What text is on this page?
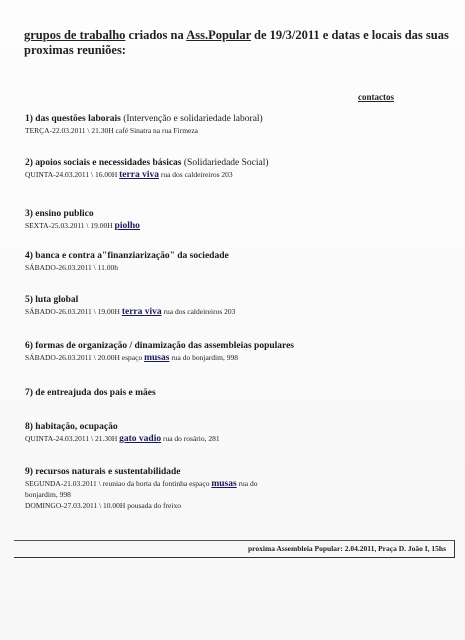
grupos de trabalho criados na Ass.Popular de 19/3/2011 e datas e locais das suas
proximas reuniões:
contactos
1) das questões laborais (Intervenção e solidariedade laboral)
TERÇA-22.03.2011 \ 21.30H café Sinatra na rua Firmeza
2) apoios sociais e necessidades básicas (Solidariedade Social)
QUINTA-24.03.2011 \ 16.00H terra viva rua dos caldeireiros 203
3) ensino publico
SEXTA-25.03.2011 \ 19.00H piolho
4) banca e contra a"finanziarização" da sociedade
SÁBADO-26.03.2011 \ 11.00h
5) luta global
SÁBADO-26.03.2011 \ 19.00H terra viva rua dos caldeireiros 203
6) formas de organização / dinamização das assembleias populares
SÁBADO-26.03.2011 \ 20.00H espaço musas rua do bonjardim, 998
7) de entreajuda dos pais e mães
8) habitação, ocupação
QUINTA-24.03.2011 \ 21.30H gato vadio rua do rosário, 281
9) recursos naturais e sustentabilidade
SEGUNDA-21.03.2011 \ reuniao da horta da fontinha espaço musas rua do
bonjardim, 998
DOMINGO-27.03.2011 \ 10.00H pousada do freixo
proxima Assembleia Popular: 2.04.2011, Praça D. João I, 15hs
